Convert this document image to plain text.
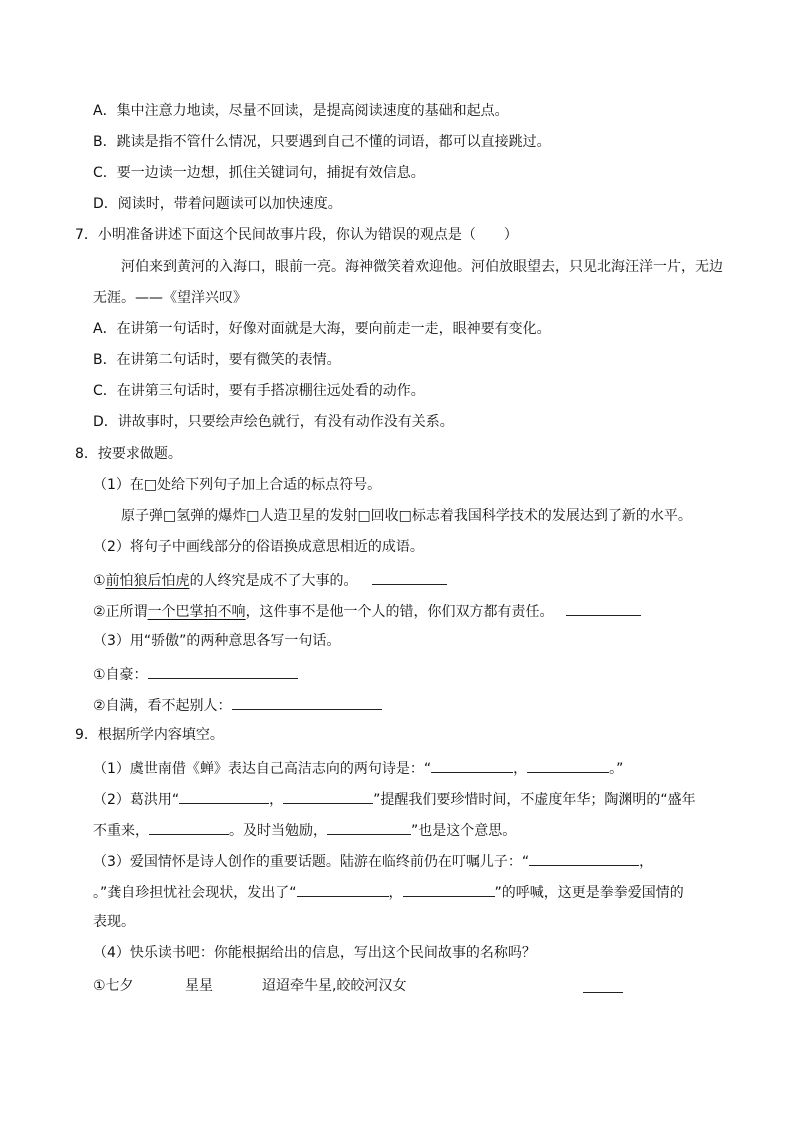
A．集中注意力地读，尽量不回读，是提高阅读速度的基础和起点。
B．跳读是指不管什么情况，只要遇到自己不懂的词语，都可以直接跳过。
C．要一边读一边想，抓住关键词句，捕捉有效信息。
D．阅读时，带着问题读可以加快速度。
7．小明准备讲述下面这个民间故事片段，你认为错误的观点是（　　）
河伯来到黄河的入海口，眼前一亮。海神微笑着欢迎他。河伯放眼望去，只见北海汪洋一片，无边
无涯。——《望洋兴叹》
A．在讲第一句话时，好像对面就是大海，要向前走一走，眼神要有变化。
B．在讲第二句话时，要有微笑的表情。
C．在讲第三句话时，要有手搭凉棚往远处看的动作。
D．讲故事时，只要绘声绘色就行，有没有动作没有关系。
8．按要求做题。
（1）在□处给下列句子加上合适的标点符号。
原子弹□氢弹的爆炸□人造卫星的发射□回收□标志着我国科学技术的发展达到了新的水平。
（2）将句子中画线部分的俗语换成意思相近的成语。
①前怕狼后怕虎的人终究是成不了大事的。
②正所谓一个巴掌拍不响，这件事不是他一个人的错，你们双方都有责任。
（3）用“骄傲”的两种意思各写一句话。
①自豪：
②自满，看不起别人：
9．根据所学内容填空。
（1）虞世南借《蝉》表达自己高洁志向的两句诗是：“	，	。”
（2）葛洪用“	，	”提醒我们要珍惜时间，不虚度年华；陶渊明的“盛年
不重来，	。及时当勉励，	”也是这个意思。
（3）爱国情怀是诗人创作的重要话题。陆游在临终前仍在叮嘱儿子：“	，
。”龚自珍担忧社会现状，发出了“	，	”的呼喊，这更是拳拳爱国情的
表现。
（4）快乐读书吧：你能根据给出的信息，写出这个民间故事的名称吗？
①七夕	星星	迢迢牵牛星,皎皎河汉女
